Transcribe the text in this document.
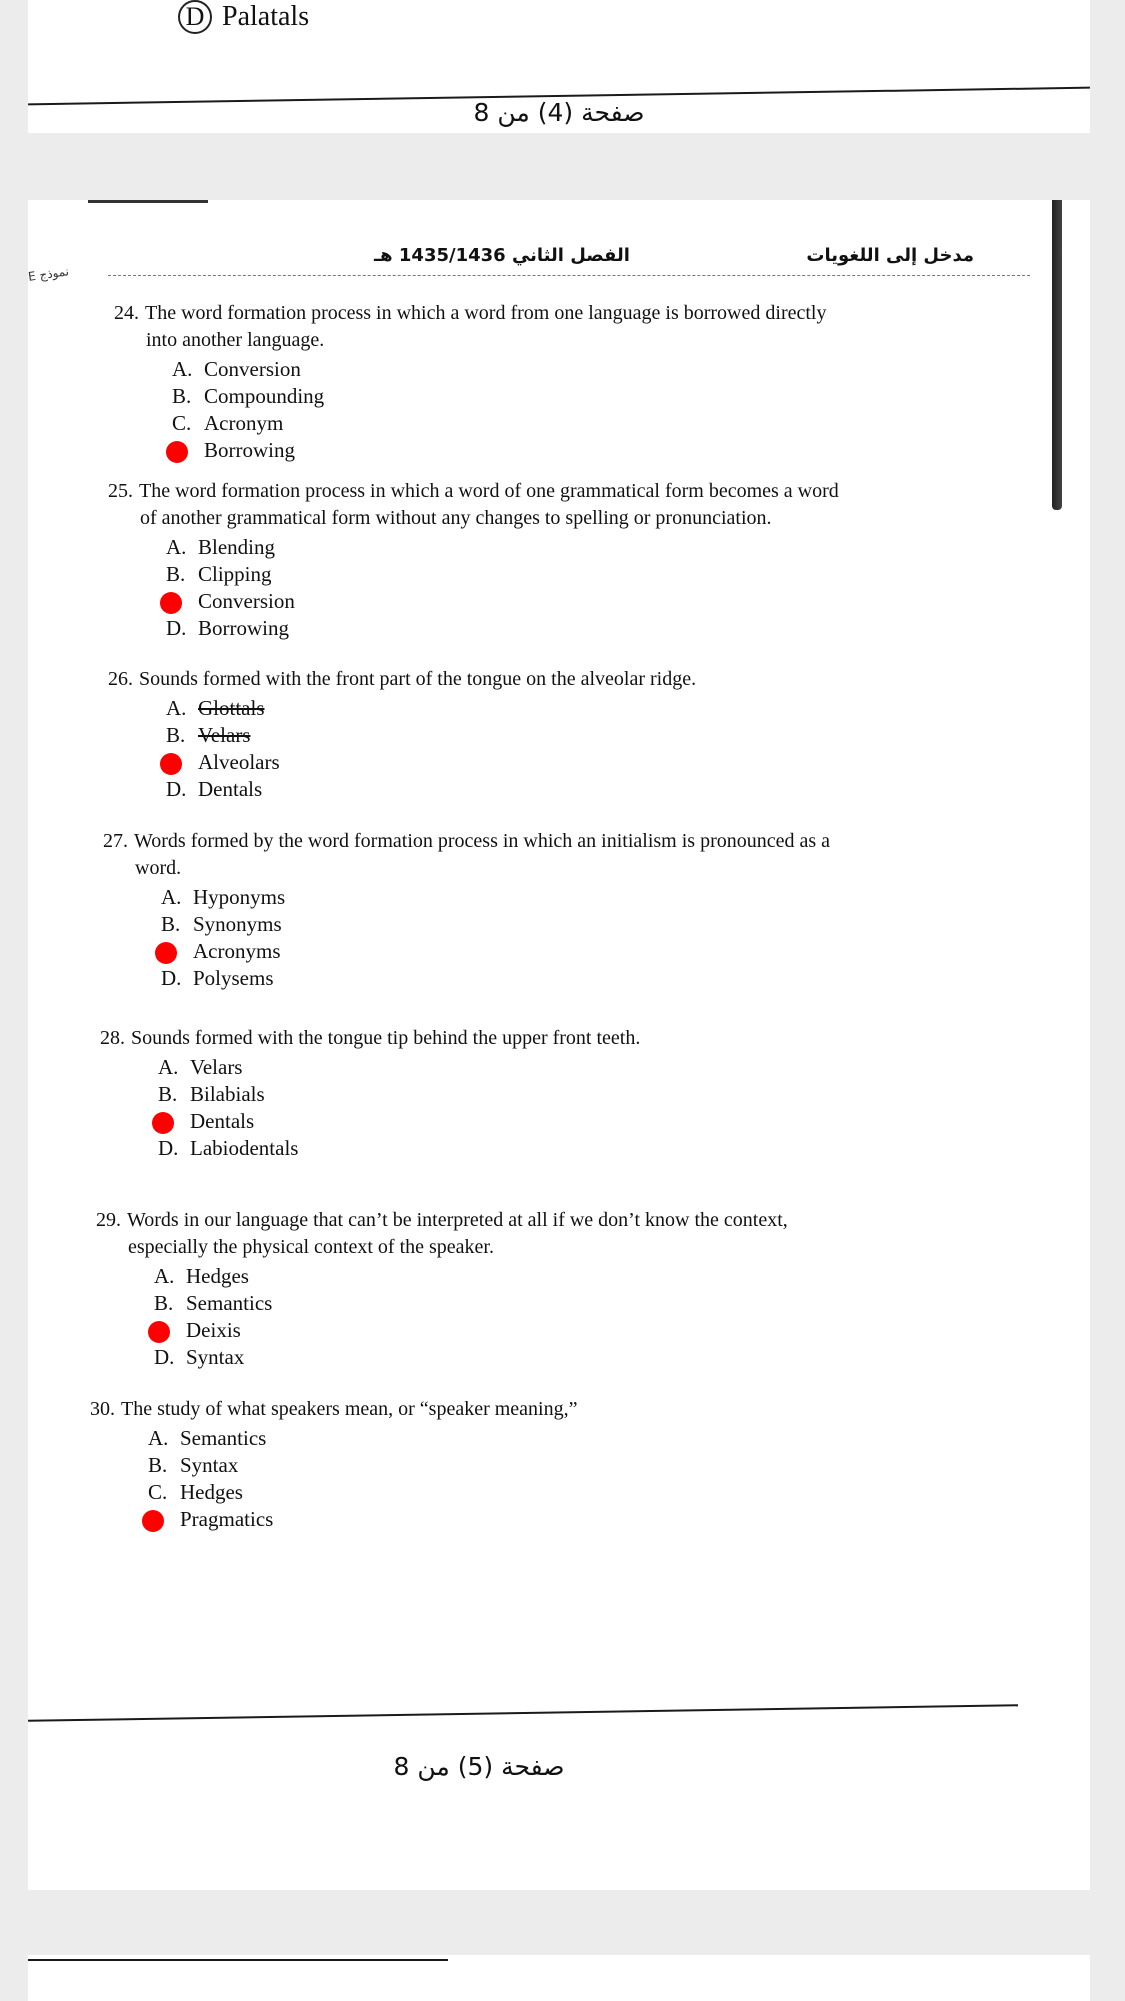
D Palatals
صفحة (4) من 8
مدخل إلى اللغويات
الفصل الثاني 1435/1436 هـ
نموذج E

24. The word formation process in which a word from one language is borrowed directly
into another language.

A. Conversion
B. Compounding
C. Acronym
Borrowing

25. The word formation process in which a word of one grammatical form becomes a word
of another grammatical form without any changes to spelling or pronunciation.

A. Blending
B. Clipping
Conversion
D. Borrowing

26. Sounds formed with the front part of the tongue on the alveolar ridge.

A. Glottals
B. Velars
Alveolars
D. Dentals

27. Words formed by the word formation process in which an initialism is pronounced as a
word.

A. Hyponyms
B. Synonyms
Acronyms
D. Polysems

28. Sounds formed with the tongue tip behind the upper front teeth.

A. Velars
B. Bilabials
Dentals
D. Labiodentals

29. Words in our language that can’t be interpreted at all if we don’t know the context,
especially the physical context of the speaker.

A. Hedges
B. Semantics
Deixis
D. Syntax

30. The study of what speakers mean, or “speaker meaning,”

A. Semantics
B. Syntax
C. Hedges
Pragmatics
صفحة (5) من 8
